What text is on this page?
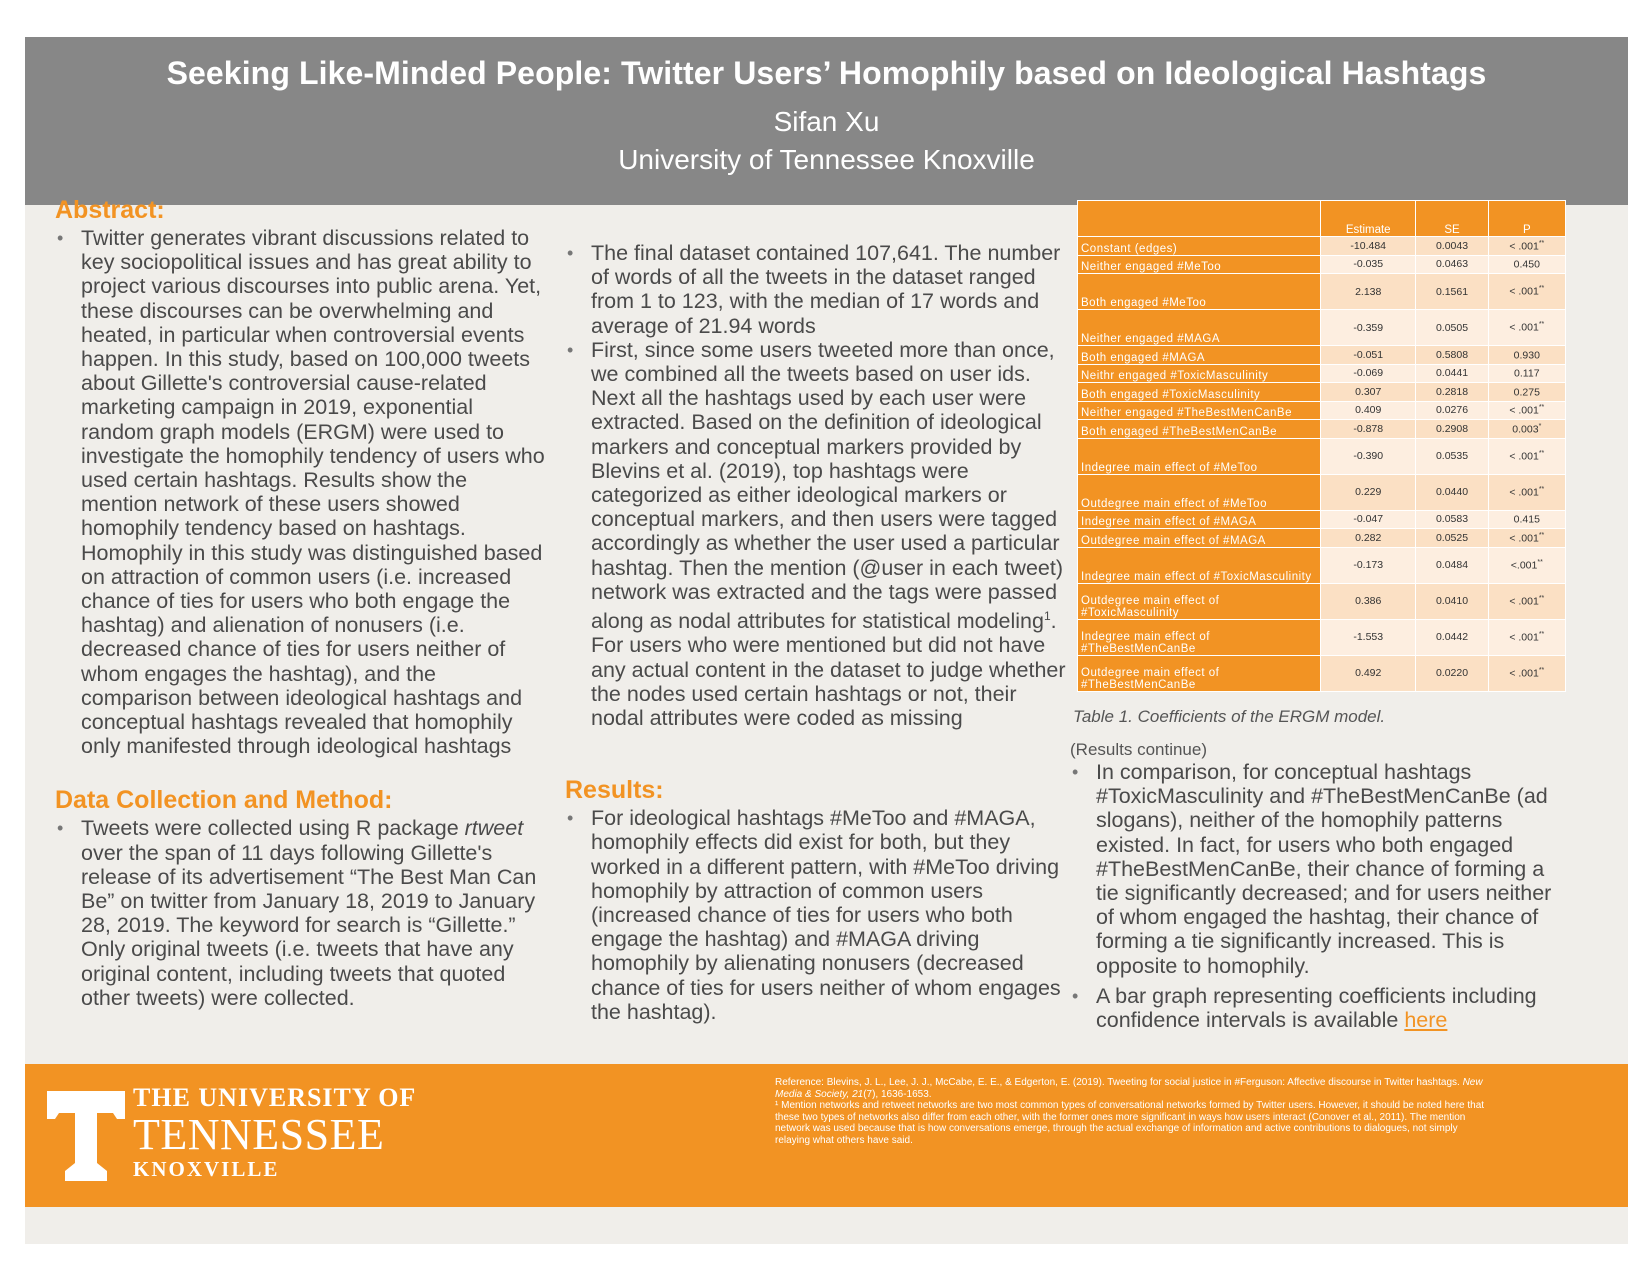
Seeking Like-Minded People: Twitter Users’ Homophily based on Ideological Hashtags
Sifan Xu
University of Tennessee Knoxville
Abstract:
• Twitter generates vibrant discussions related to key sociopolitical issues and has great ability to project various discourses into public arena. Yet, these discourses can be overwhelming and heated, in particular when controversial events happen. In this study, based on 100,000 tweets about Gillette's controversial cause-related marketing campaign in 2019, exponential random graph models (ERGM) were used to investigate the homophily tendency of users who used certain hashtags. Results show the mention network of these users showed homophily tendency based on hashtags. Homophily in this study was distinguished based on attraction of common users (i.e. increased chance of ties for users who both engage the hashtag) and alienation of nonusers (i.e. decreased chance of ties for users neither of whom engages the hashtag), and the comparison between ideological hashtags and conceptual hashtags revealed that homophily only manifested through ideological hashtags
Data Collection and Method:
• Tweets were collected using R package rtweet over the span of 11 days following Gillette's release of its advertisement “The Best Man Can Be” on twitter from January 18, 2019 to January 28, 2019. The keyword for search is “Gillette.” Only original tweets (i.e. tweets that have any original content, including tweets that quoted other tweets) were collected.
• The final dataset contained 107,641. The number of words of all the tweets in the dataset ranged from 1 to 123, with the median of 17 words and average of 21.94 words
• First, since some users tweeted more than once, we combined all the tweets based on user ids. Next all the hashtags used by each user were extracted. Based on the definition of ideological markers and conceptual markers provided by Blevins et al. (2019), top hashtags were categorized as either ideological markers or conceptual markers, and then users were tagged accordingly as whether the user used a particular hashtag. Then the mention (@user in each tweet) network was extracted and the tags were passed along as nodal attributes for statistical modeling$^1$. For users who were mentioned but did not have any actual content in the dataset to judge whether the nodes used certain hashtags or not, their nodal attributes were coded as missing
Results:
• For ideological hashtags #MeToo and #MAGA, homophily effects did exist for both, but they worked in a different pattern, with #MeToo driving homophily by attraction of common users (increased chance of ties for users who both engage the hashtag) and #MAGA driving homophily by alienating nonusers (decreased chance of ties for users neither of whom engages the hashtag).
	Estimate	SE	P
Constant (edges)	-10.484	0.0043	< .001**
Neither engaged #MeToo	-0.035	0.0463	0.450
Both engaged #MeToo	2.138	0.1561	< .001**
Neither engaged #MAGA	-0.359	0.0505	< .001**
Both engaged #MAGA	-0.051	0.5808	0.930
Neithr engaged #ToxicMasculinity	-0.069	0.0441	0.117
Both engaged #ToxicMasculinity	0.307	0.2818	0.275
Neither engaged #TheBestMenCanBe	0.409	0.0276	< .001**
Both engaged #TheBestMenCanBe	-0.878	0.2908	0.003*
Indegree main effect of #MeToo	-0.390	0.0535	< .001**
Outdegree main effect of #MeToo	0.229	0.0440	< .001**
Indegree main effect of #MAGA	-0.047	0.0583	0.415
Outdegree main effect of #MAGA	0.282	0.0525	< .001**
Indegree main effect of #ToxicMasculinity	-0.173	0.0484	<.001**
Outdegree main effect of #ToxicMasculinity	0.386	0.0410	< .001**
Indegree main effect of #TheBestMenCanBe	-1.553	0.0442	< .001**
Outdegree main effect of #TheBestMenCanBe	0.492	0.0220	< .001**
Table 1. Coefficients of the ERGM model.
(Results continue)
• In comparison, for conceptual hashtags #ToxicMasculinity and #TheBestMenCanBe (ad slogans), neither of the homophily patterns existed. In fact, for users who both engaged #TheBestMenCanBe, their chance of forming a tie significantly decreased; and for users neither of whom engaged the hashtag, their chance of forming a tie significantly increased. This is opposite to homophily.
• A bar graph representing coefficients including confidence intervals is available here
THE UNIVERSITY OF
TENNESSEE
KNOXVILLE
Reference: Blevins, J. L., Lee, J. J., McCabe, E. E., & Edgerton, E. (2019). Tweeting for social justice in #Ferguson: Affective discourse in Twitter hashtags. New Media & Society, 21(7), 1636-1653.
¹ Mention networks and retweet networks are two most common types of conversational networks formed by Twitter users. However, it should be noted here that these two types of networks also differ from each other, with the former ones more significant in ways how users interact (Conover et al., 2011). The mention network was used because that is how conversations emerge, through the actual exchange of information and active contributions to dialogues, not simply relaying what others have said.
